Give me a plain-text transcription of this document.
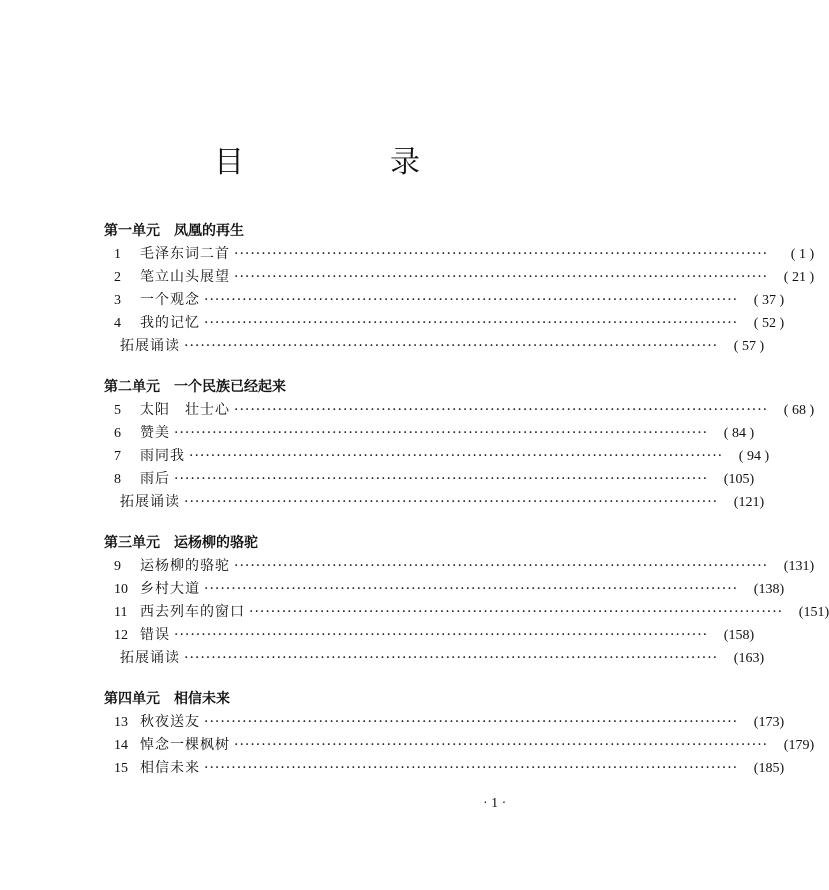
目　录
第一单元 凤凰的再生
1	毛泽东词二首 ··································································································	( 1 )
2	笔立山头展望 ··································································································	( 21 )
3	一个观念 ··································································································	( 37 )
4	我的记忆 ··································································································	( 52 )
拓展诵读 ··································································································	( 57 )
第二单元 一个民族已经起来
5	太阳　壮士心 ··································································································	( 68 )
6	赞美 ··································································································	( 84 )
7	雨同我 ··································································································	( 94 )
8	雨后 ··································································································	(105)
拓展诵读 ··································································································	(121)
第三单元 运杨柳的骆驼
9	运杨柳的骆驼 ··································································································	(131)
10 乡村大道 ··································································································	(138)
11 西去列车的窗口 ··································································································	(151)
12 错误 ··································································································	(158)
拓展诵读 ··································································································	(163)
第四单元 相信未来
13 秋夜送友 ··································································································	(173)
14 悼念一棵枫树 ··································································································	(179)
15 相信未来 ··································································································	(185)
· 1 ·
